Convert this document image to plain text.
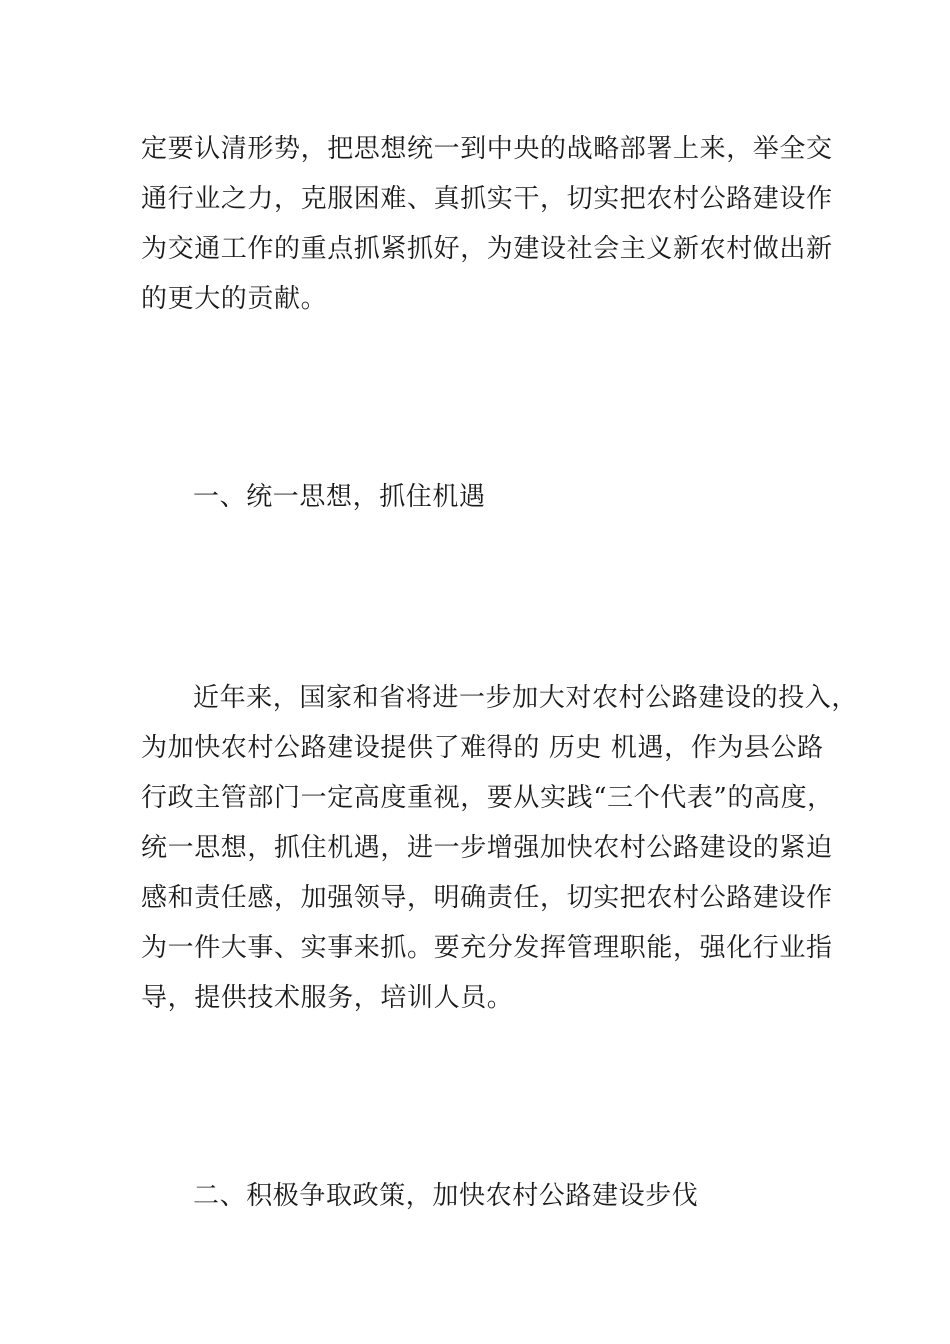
定要认清形势，把思想统一到中央的战略部署上来，举全交
通行业之力，克服困难、真抓实干，切实把农村公路建设作
为交通工作的重点抓紧抓好，为建设社会主义新农村做出新
的更大的贡献。
一、统一思想，抓住机遇
近年来，国家和省将进一步加大对农村公路建设的投入，
为加快农村公路建设提供了难得的 历史 机遇，作为县公路
行政主管部门一定高度重视，要从实践“三个代表”的高度，
统一思想，抓住机遇，进一步增强加快农村公路建设的紧迫
感和责任感，加强领导，明确责任，切实把农村公路建设作
为一件大事、实事来抓。要充分发挥管理职能，强化行业指
导，提供技术服务，培训人员。
二、积极争取政策，加快农村公路建设步伐
